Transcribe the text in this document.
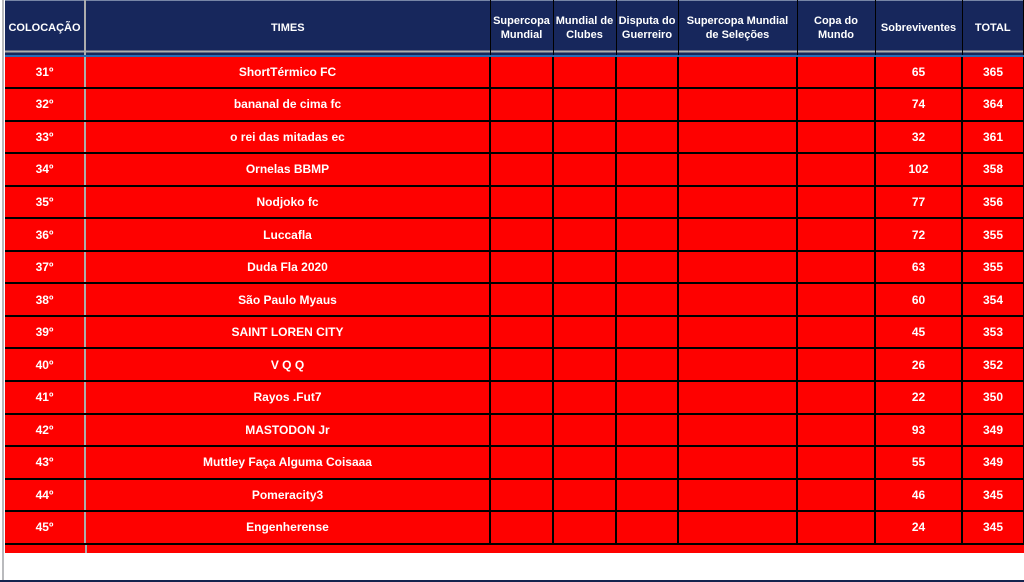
COLOCAÇÃO	TIMES	Supercopa Mundial	Mundial de Clubes	Disputa do Guerreiro	Supercopa Mundial de Seleções	Copa do Mundo	Sobreviventes	TOTAL
31º	ShortTérmico FC						65	365
32º	bananal de cima fc						74	364
33º	o rei das mitadas ec						32	361
34º	Ornelas BBMP						102	358
35º	Nodjoko fc						77	356
36º	Luccafla						72	355
37º	Duda Fla 2020						63	355
38º	São Paulo Myaus						60	354
39º	SAINT LOREN CITY						45	353
40º	V Q Q						26	352
41º	Rayos .Fut7						22	350
42º	MASTODON Jr						93	349
43º	Muttley Faça Alguma Coisaaa						55	349
44º	Pomeracity3						46	345
45º	Engenherense						24	345
